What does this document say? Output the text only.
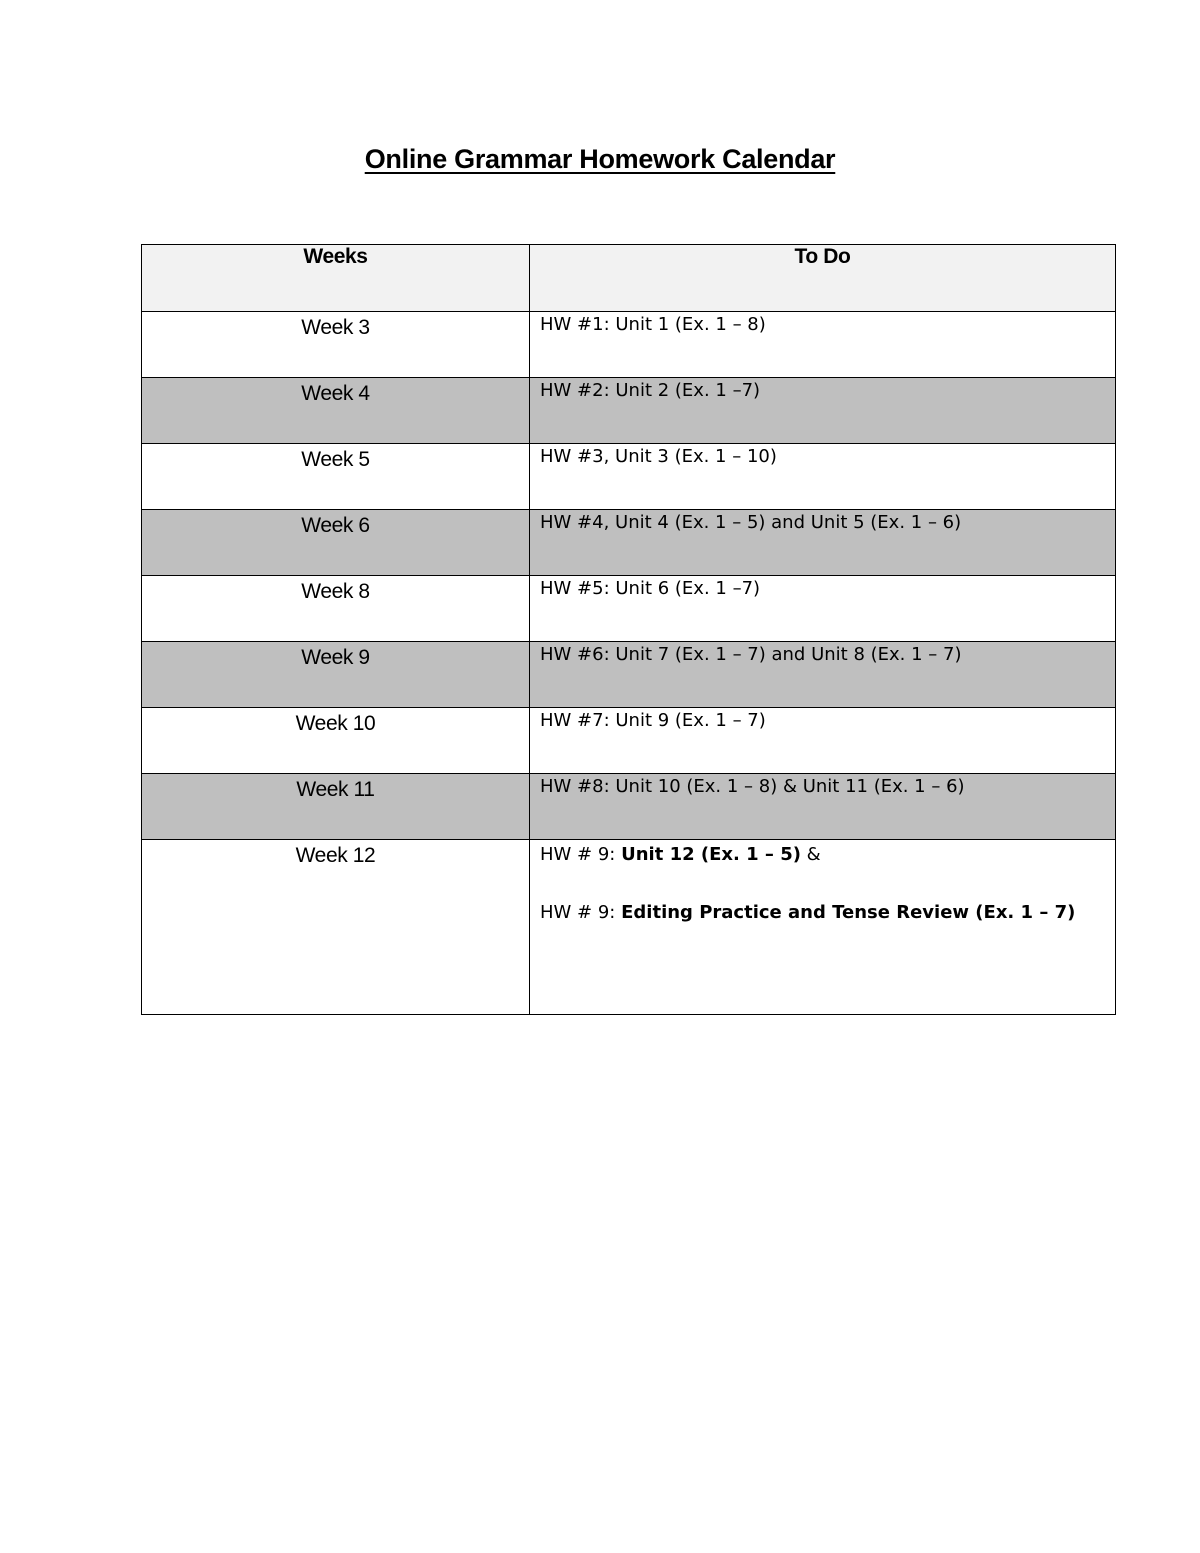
Online Grammar Homework Calendar
Weeks	To Do
Week 3	HW #1: Unit 1 (Ex. 1 – 8)
Week 4	HW #2: Unit 2 (Ex. 1 –7)
Week 5	HW #3, Unit 3 (Ex. 1 – 10)
Week 6	HW #4, Unit 4 (Ex. 1 – 5) and Unit 5 (Ex. 1 – 6)
Week 8	HW #5: Unit 6 (Ex. 1 –7)
Week 9	HW #6: Unit 7 (Ex. 1 – 7) and Unit 8 (Ex. 1 – 7)
Week 10	HW #7: Unit 9 (Ex. 1 – 7)
Week 11	HW #8: Unit 10 (Ex. 1 – 8) & Unit 11 (Ex. 1 – 6)
Week 12	HW # 9: Unit 12 (Ex. 1 – 5) &

HW # 9: Editing Practice and Tense Review (Ex. 1 – 7)
